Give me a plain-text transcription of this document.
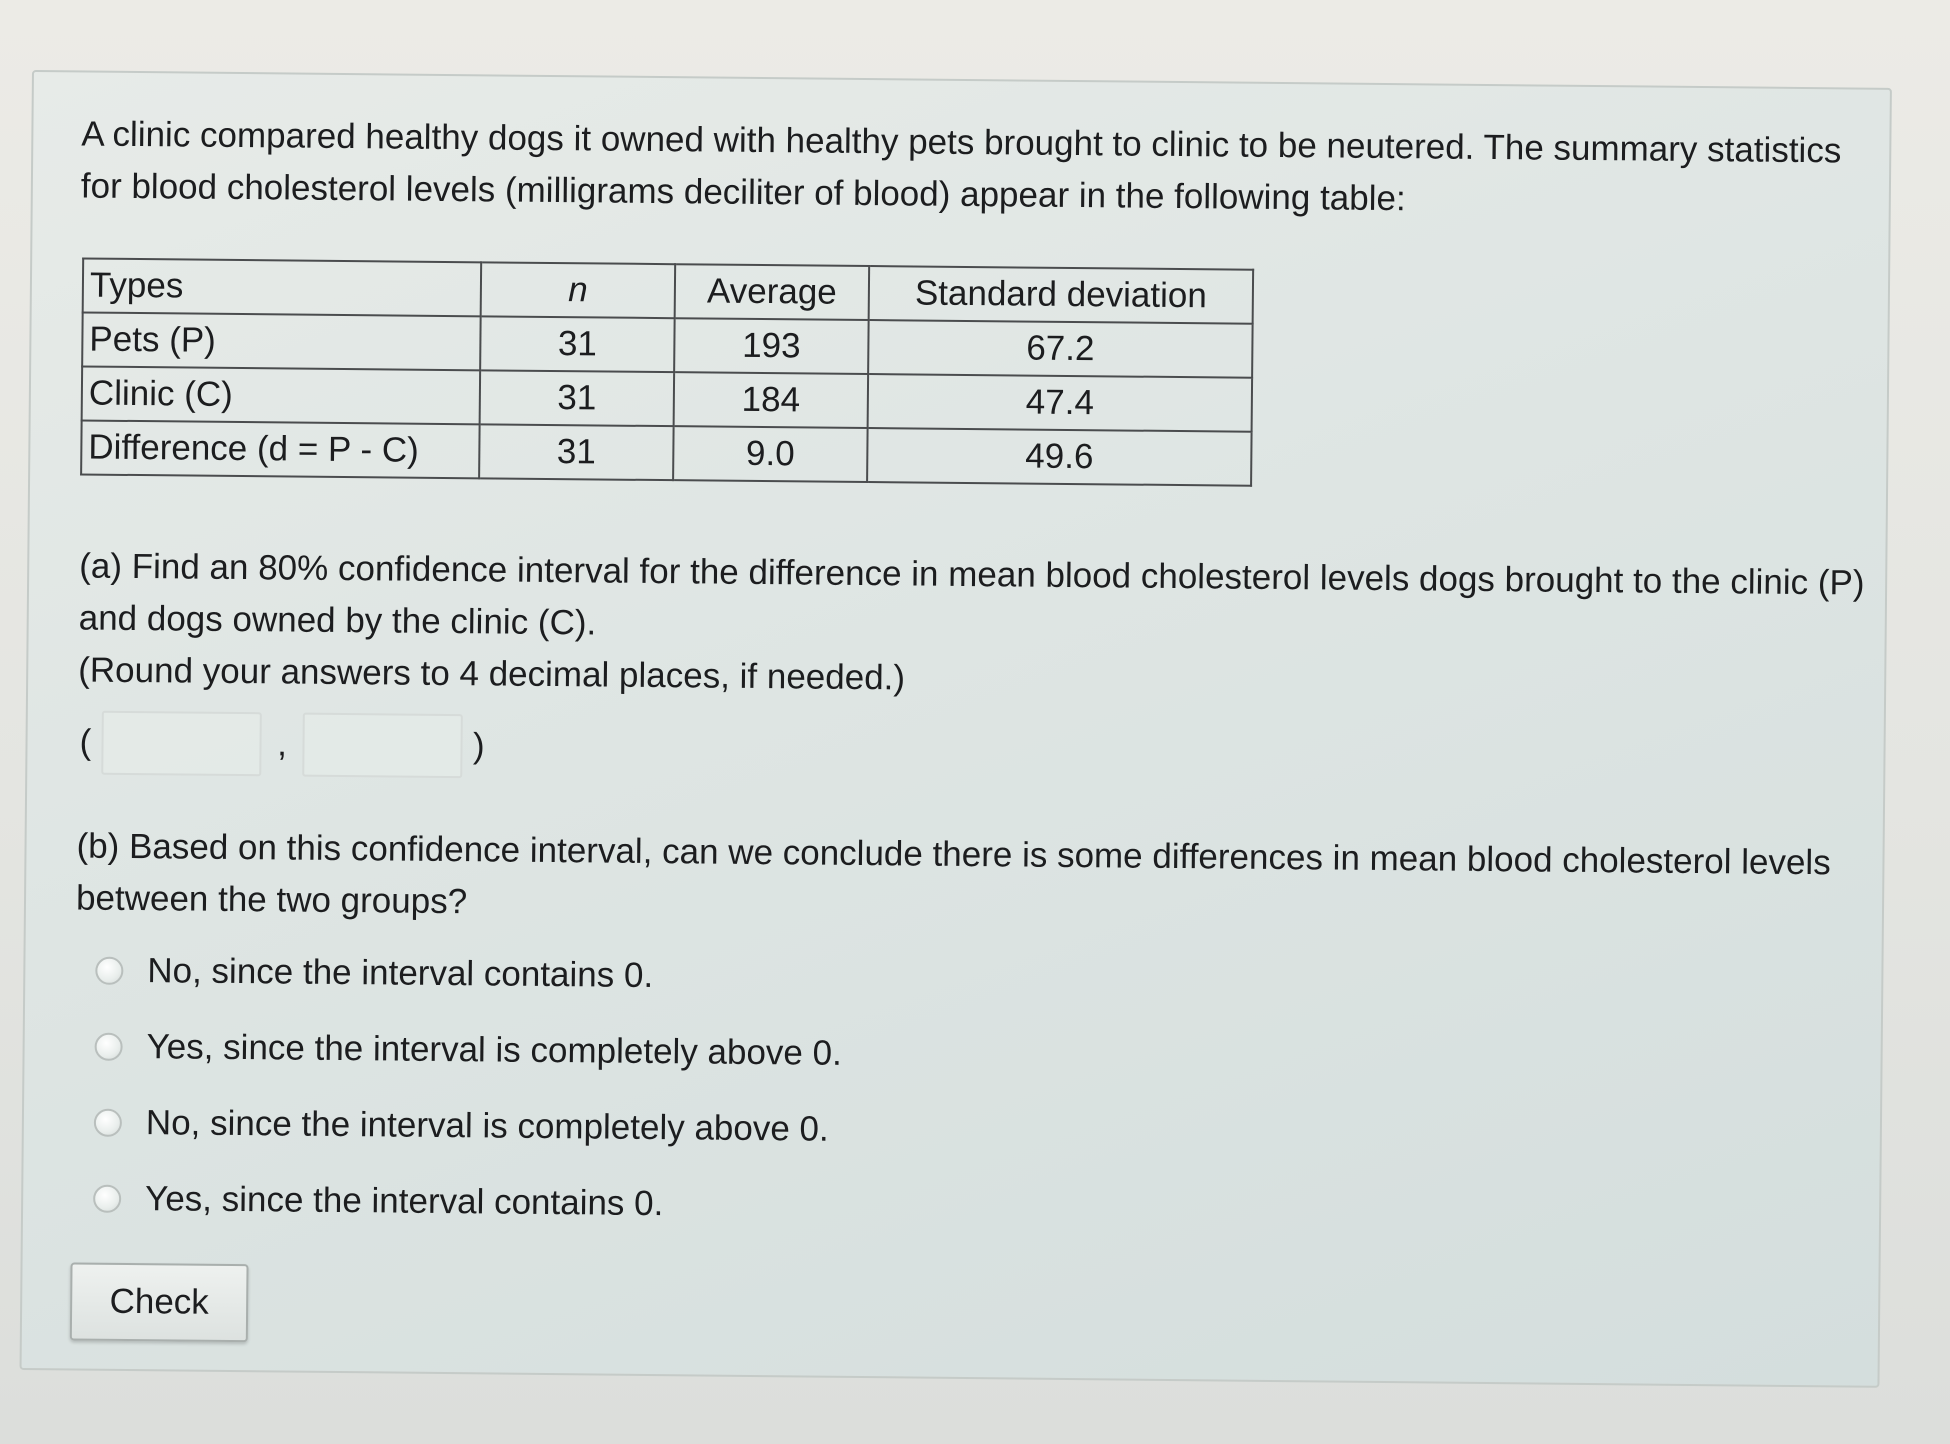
A clinic compared healthy dogs it owned with healthy pets brought to clinic to be neutered. The summary statistics for blood cholesterol levels (milligrams deciliter of blood) appear in the following table:

Types	n	Average	Standard deviation
Pets (P)	31	193	67.2
Clinic (C)	31	184	47.4
Difference (d = P - C)	31	9.0	49.6
(a) Find an 80% confidence interval for the difference in mean blood cholesterol levels dogs brought to the clinic (P) and dogs owned by the clinic (C).
(Round your answers to 4 decimal places, if needed.)
(	,	)
(b) Based on this confidence interval, can we conclude there is some differences in mean blood cholesterol levels between the two groups?
No, since the interval contains 0.
Yes, since the interval is completely above 0.
No, since the interval is completely above 0.
Yes, since the interval contains 0.
Check
